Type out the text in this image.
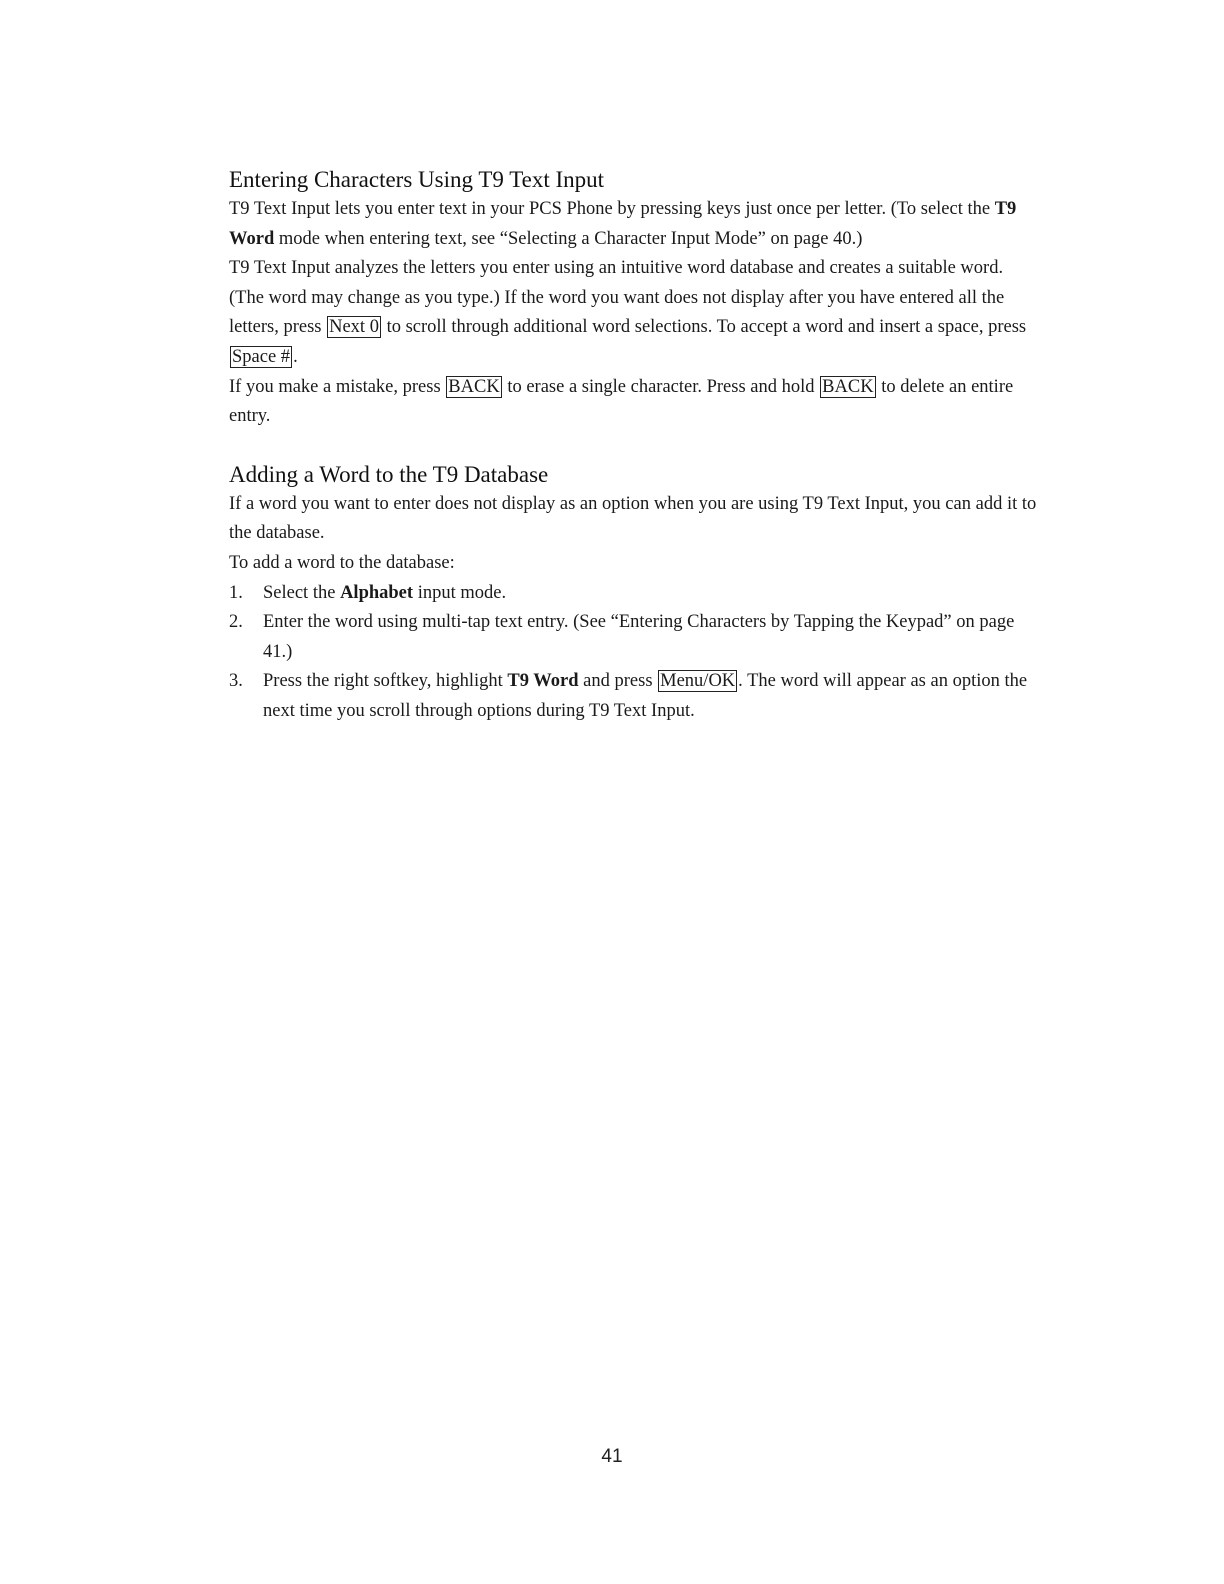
Entering Characters Using T9 Text Input

T9 Text Input lets you enter text in your PCS Phone by pressing keys just once per letter. (To select the T9 Word mode when entering text, see “Selecting a Character Input Mode” on page 40.)

T9 Text Input analyzes the letters you enter using an intuitive word database and creates a suitable word. (The word may change as you type.) If the word you want does not display after you have entered all the letters, press Next 0 to scroll through additional word selections. To accept a word and insert a space, press Space # .

If you make a mistake, press BACK to erase a single character. Press and hold BACK to delete an entire entry.

Adding a Word to the T9 Database

If a word you want to enter does not display as an option when you are using T9 Text Input, you can add it to the database.

To add a word to the database:

1. Select the Alphabet input mode.
2. Enter the word using multi-tap text entry. (See “Entering Characters by Tapping the Keypad” on page 41.)
3. Press the right softkey, highlight T9 Word and press Menu/OK . The word will appear as an option the next time you scroll through options during T9 Text Input.
41
